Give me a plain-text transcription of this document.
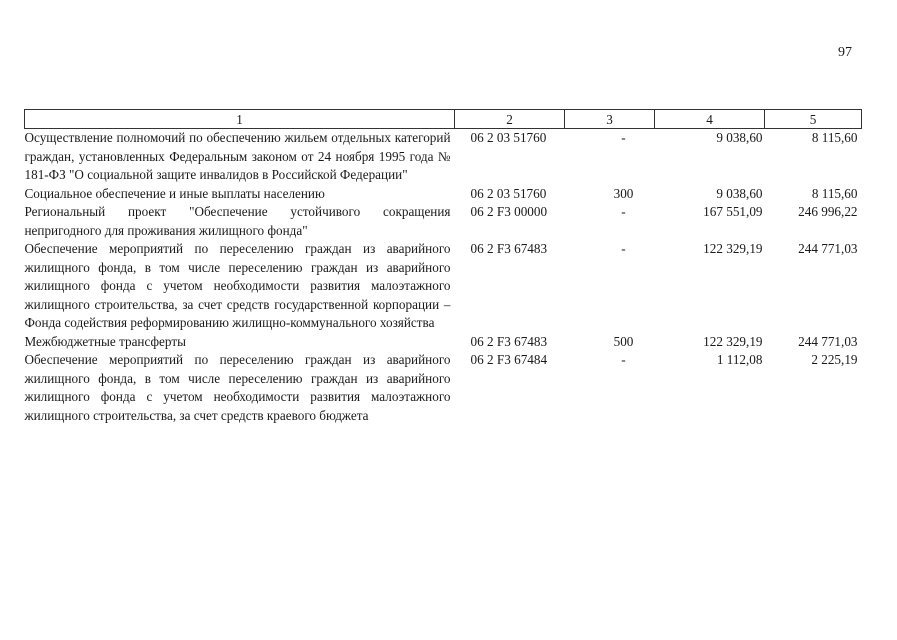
97
1	2	3	4	5
Осуществление полномочий по обеспечению жильем отдельных категорий граждан, установленных Федеральным законом от 24 ноября 1995 года № 181-ФЗ "О социальной защите инвалидов в Российской Федерации"	06 2 03 51760	-	9 038,60	8 115,60
Социальное обеспечение и иные выплаты населению	06 2 03 51760	300	9 038,60	8 115,60
Региональный проект "Обеспечение устойчивого сокращения непригодного для проживания жилищного фонда"	06 2 F3 00000	-	167 551,09	246 996,22
Обеспечение мероприятий по переселению граждан из аварийного жилищного фонда, в том числе переселению граждан из аварийного жилищного фонда с учетом необходимости развития малоэтажного жилищного строительства, за счет средств государственной корпорации – Фонда содействия реформированию жилищно-коммунального хозяйства	06 2 F3 67483	-	122 329,19	244 771,03
Межбюджетные трансферты	06 2 F3 67483	500	122 329,19	244 771,03
Обеспечение мероприятий по переселению граждан из аварийного жилищного фонда, в том числе переселению граждан из аварийного жилищного фонда с учетом необходимости развития малоэтажного жилищного строительства, за счет средств краевого бюджета	06 2 F3 67484	-	1 112,08	2 225,19
